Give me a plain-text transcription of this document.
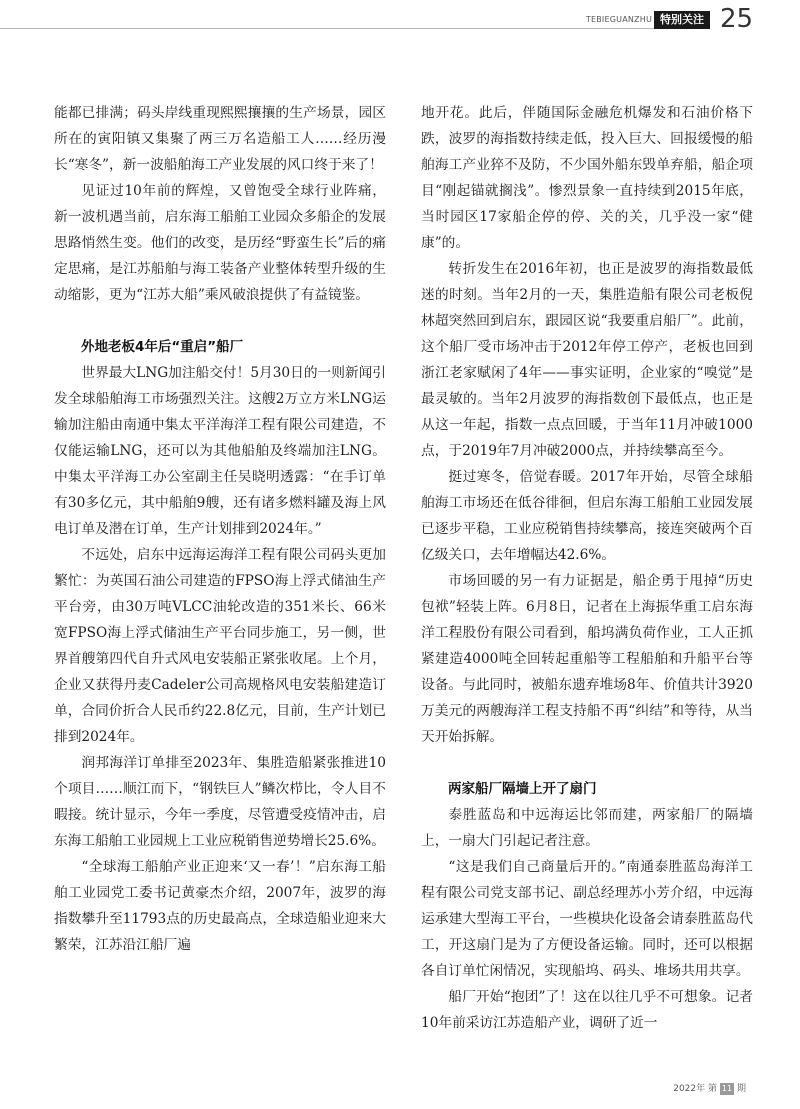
TEBIEGUANZHU 特别关注 25

能都已排满；码头岸线重现熙熙攘攘的生产场景，园区所在的寅阳镇又集聚了两三万名造船工人……经历漫长“寒冬”，新一波船舶海工产业发展的风口终于来了！

见证过10年前的辉煌，又曾饱受全球行业阵痛，新一波机遇当前，启东海工船舶工业园众多船企的发展思路悄然生变。他们的改变，是历经“野蛮生长”后的痛定思痛，是江苏船舶与海工装备产业整体转型升级的生动缩影，更为“江苏大船”乘风破浪提供了有益镜鉴。

外地老板4年后“重启”船厂

世界最大LNG加注船交付！5月30日的一则新闻引发全球船舶海工市场强烈关注。这艘2万立方米LNG运输加注船由南通中集太平洋海洋工程有限公司建造，不仅能运输LNG，还可以为其他船舶及终端加注LNG。中集太平洋海工办公室副主任吴晓明透露：“在手订单有30多亿元，其中船舶9艘，还有诸多燃料罐及海上风电订单及潜在订单，生产计划排到2024年。”

不远处，启东中远海运海洋工程有限公司码头更加繁忙：为英国石油公司建造的FPSO海上浮式储油生产平台旁，由30万吨VLCC油轮改造的351米长、66米宽FPSO海上浮式储油生产平台同步施工，另一侧，世界首艘第四代自升式风电安装船正紧张收尾。上个月，企业又获得丹麦Cadeler公司高规格风电安装船建造订单，合同价折合人民币约22.8亿元，目前，生产计划已排到2024年。

润邦海洋订单排至2023年、集胜造船紧张推进10个项目……顺江而下，“钢铁巨人”鳞次栉比，令人目不暇接。统计显示，今年一季度，尽管遭受疫情冲击，启东海工船舶工业园规上工业应税销售逆势增长25.6%。

“全球海工船舶产业正迎来‘又一春’！”启东海工船舶工业园党工委书记黄豪杰介绍，2007年，波罗的海指数攀升至11793点的历史最高点，全球造船业迎来大繁荣，江苏沿江船厂遍

地开花。此后，伴随国际金融危机爆发和石油价格下跌，波罗的海指数持续走低，投入巨大、回报缓慢的船舶海工产业猝不及防，不少国外船东毁单弃船，船企项目“刚起锚就搁浅”。惨烈景象一直持续到2015年底，当时园区17家船企停的停、关的关，几乎没一家“健康”的。

转折发生在2016年初，也正是波罗的海指数最低迷的时刻。当年2月的一天，集胜造船有限公司老板倪林超突然回到启东，跟园区说“我要重启船厂”。此前，这个船厂受市场冲击于2012年停工停产，老板也回到浙江老家赋闲了4年——事实证明，企业家的“嗅觉”是最灵敏的。当年2月波罗的海指数创下最低点，也正是从这一年起，指数一点点回暖，于当年11月冲破1000点，于2019年7月冲破2000点，并持续攀高至今。

挺过寒冬，倍觉春暖。2017年开始，尽管全球船舶海工市场还在低谷徘徊，但启东海工船舶工业园发展已逐步平稳，工业应税销售持续攀高，接连突破两个百亿级关口，去年增幅达42.6%。

市场回暖的另一有力证据是，船企勇于甩掉“历史包袱”轻装上阵。6月8日，记者在上海振华重工启东海洋工程股份有限公司看到，船坞满负荷作业，工人正抓紧建造4000吨全回转起重船等工程船舶和升船平台等设备。与此同时，被船东遗弃堆场8年、价值共计3920万美元的两艘海洋工程支持船不再“纠结”和等待，从当天开始拆解。

两家船厂隔墙上开了扇门

泰胜蓝岛和中远海运比邻而建，两家船厂的隔墙上，一扇大门引起记者注意。

“这是我们自己商量后开的。”南通泰胜蓝岛海洋工程有限公司党支部书记、副总经理苏小芳介绍，中远海运承建大型海工平台，一些模块化设备会请泰胜蓝岛代工，开这扇门是为了方便设备运输。同时，还可以根据各自订单忙闲情况，实现船坞、码头、堆场共用共享。

船厂开始“抱团”了！这在以往几乎不可想象。记者10年前采访江苏造船产业，调研了近一

2022年 第 11 期
